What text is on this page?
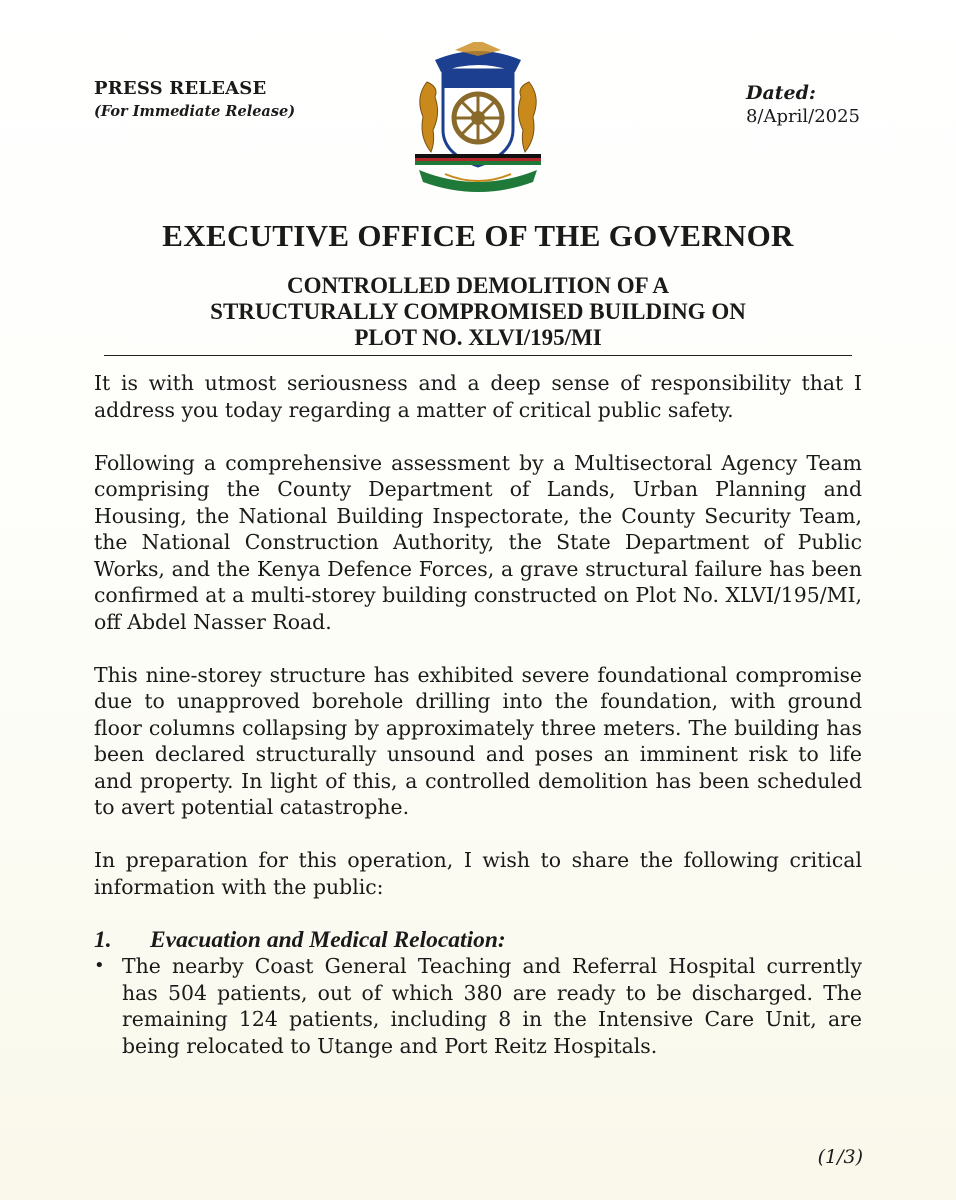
PRESS RELEASE
(For Immediate Release)
Dated:
8/April/2025
EXECUTIVE OFFICE OF THE GOVERNOR
CONTROLLED DEMOLITION OF A
STRUCTURALLY COMPROMISED BUILDING ON
PLOT NO. XLVI/195/MI

It is with utmost seriousness and a deep sense of responsibility that I address you today regarding a matter of critical public safety.

Following a comprehensive assessment by a Multisectoral Agency Team comprising the County Department of Lands, Urban Planning and Housing, the National Building Inspectorate, the County Security Team, the National Construction Authority, the State Department of Public Works, and the Kenya Defence Forces, a grave structural failure has been confirmed at a multi-storey building constructed on Plot No. XLVI/195/MI, off Abdel Nasser Road.

This nine-storey structure has exhibited severe foundational compromise due to unapproved borehole drilling into the foundation, with ground floor columns collapsing by approximately three meters. The building has been declared structurally unsound and poses an imminent risk to life and property. In light of this, a controlled demolition has been scheduled to avert potential catastrophe.

In preparation for this operation, I wish to share the following critical information with the public:

1.	Evacuation and Medical Relocation:
• The nearby Coast General Teaching and Referral Hospital currently has 504 patients, out of which 380 are ready to be discharged. The remaining 124 patients, including 8 in the Intensive Care Unit, are being relocated to Utange and Port Reitz Hospitals.
(1/3)
